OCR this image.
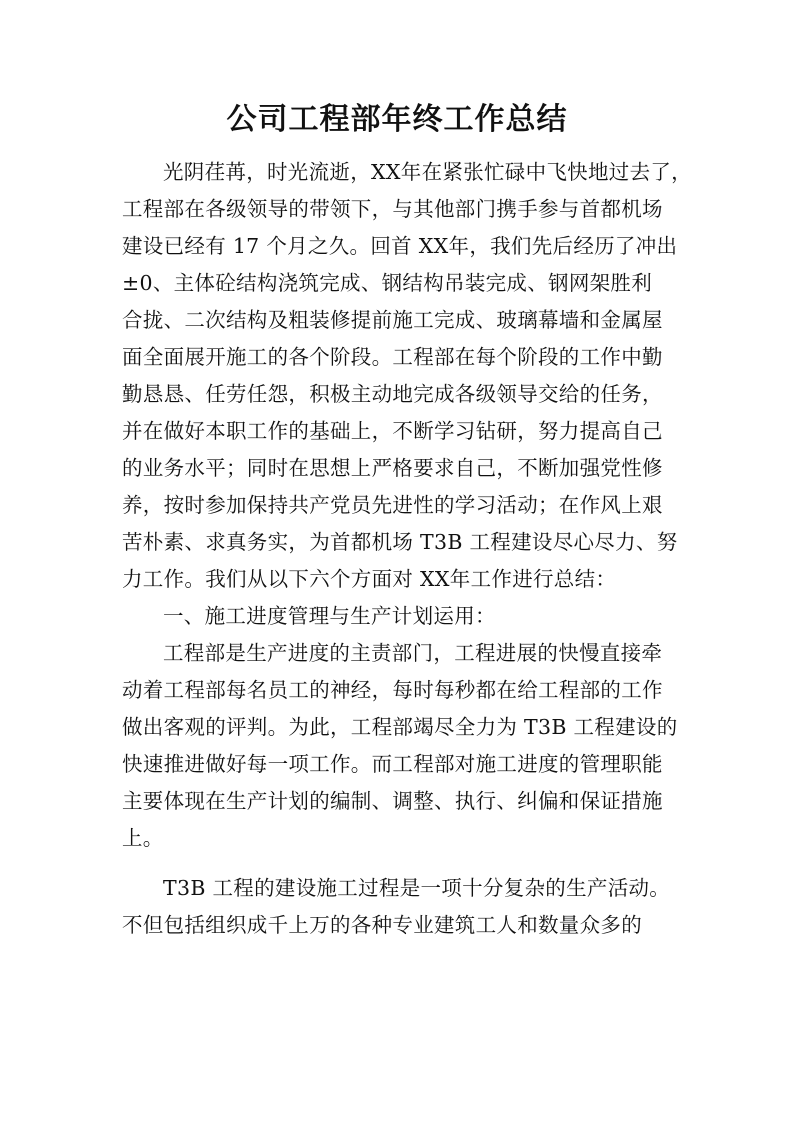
公司工程部年终工作总结
光阴荏苒，时光流逝，XX年在紧张忙碌中飞快地过去了，
工程部在各级领导的带领下，与其他部门携手参与首都机场
建设已经有 17 个月之久。回首 XX年，我们先后经历了冲出
±0、主体砼结构浇筑完成、钢结构吊装完成、钢网架胜利
合拢、二次结构及粗装修提前施工完成、玻璃幕墙和金属屋
面全面展开施工的各个阶段。工程部在每个阶段的工作中勤
勤恳恳、任劳任怨，积极主动地完成各级领导交给的任务，
并在做好本职工作的基础上，不断学习钻研，努力提高自己
的业务水平；同时在思想上严格要求自己，不断加强党性修
养，按时参加保持共产党员先进性的学习活动；在作风上艰
苦朴素、求真务实，为首都机场 T3B 工程建设尽心尽力、努
力工作。我们从以下六个方面对 XX年工作进行总结：
一、施工进度管理与生产计划运用：
工程部是生产进度的主责部门，工程进展的快慢直接牵
动着工程部每名员工的神经，每时每秒都在给工程部的工作
做出客观的评判。为此，工程部竭尽全力为 T3B 工程建设的
快速推进做好每一项工作。而工程部对施工进度的管理职能
主要体现在生产计划的编制、调整、执行、纠偏和保证措施
上。
T3B 工程的建设施工过程是一项十分复杂的生产活动。
不但包括组织成千上万的各种专业建筑工人和数量众多的
